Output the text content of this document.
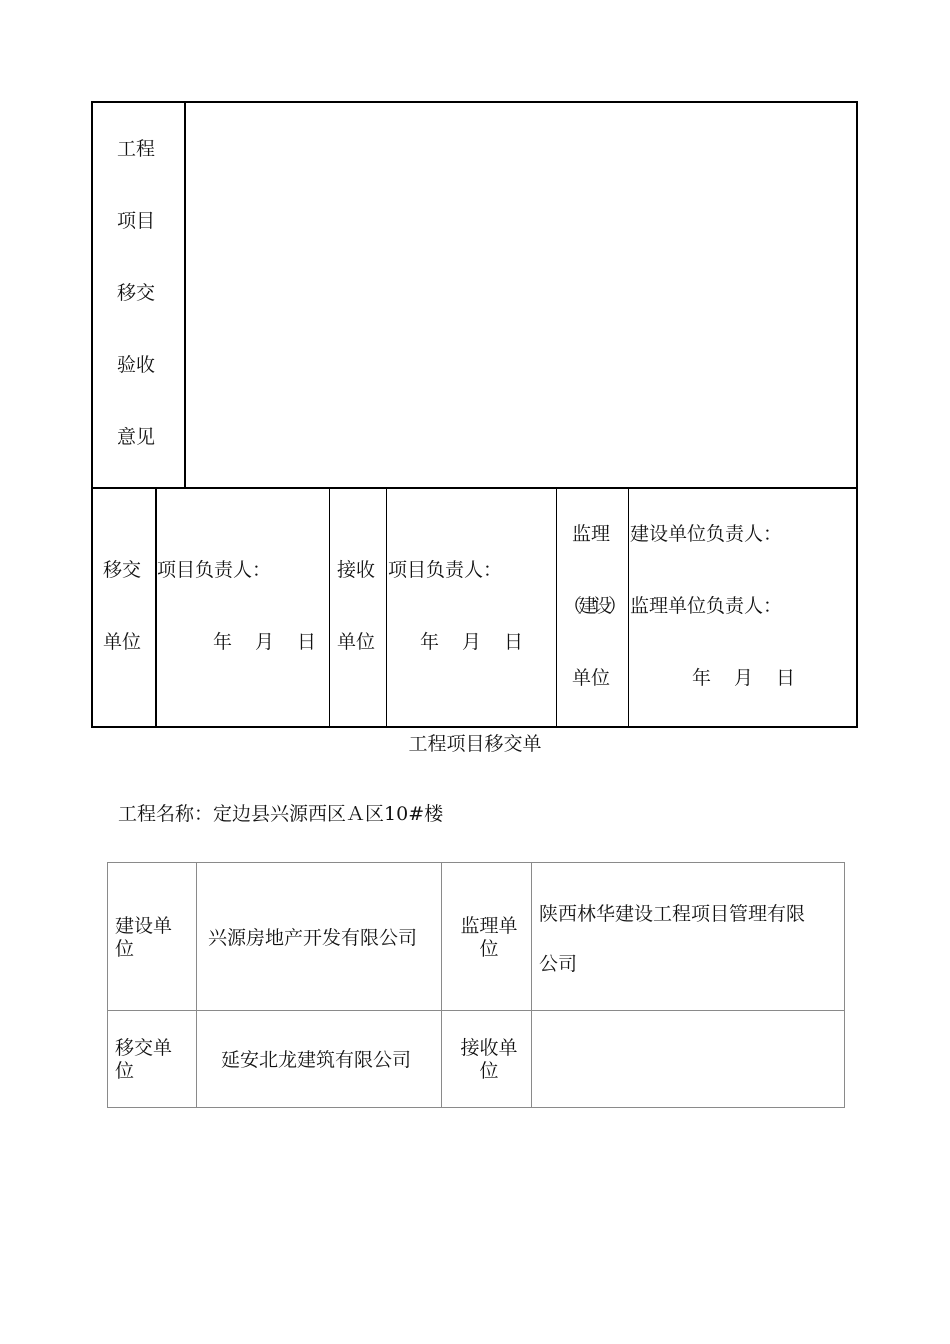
工程
项目
移交
验收
意见
移交
单位
项目负责人：
年 月 日
接收
单位
项目负责人：
年 月 日
监理
（建设）
单位
建设单位负责人：
监理单位负责人：
年 月 日
工程项目移交单
工程名称：定边县兴源西区Ａ区10#楼
建设单位	兴源房地产开发有限公司
监理单位
陕西林华建设工程项目管理有限
公司
移交单位	延安北龙建筑有限公司
接收单位
